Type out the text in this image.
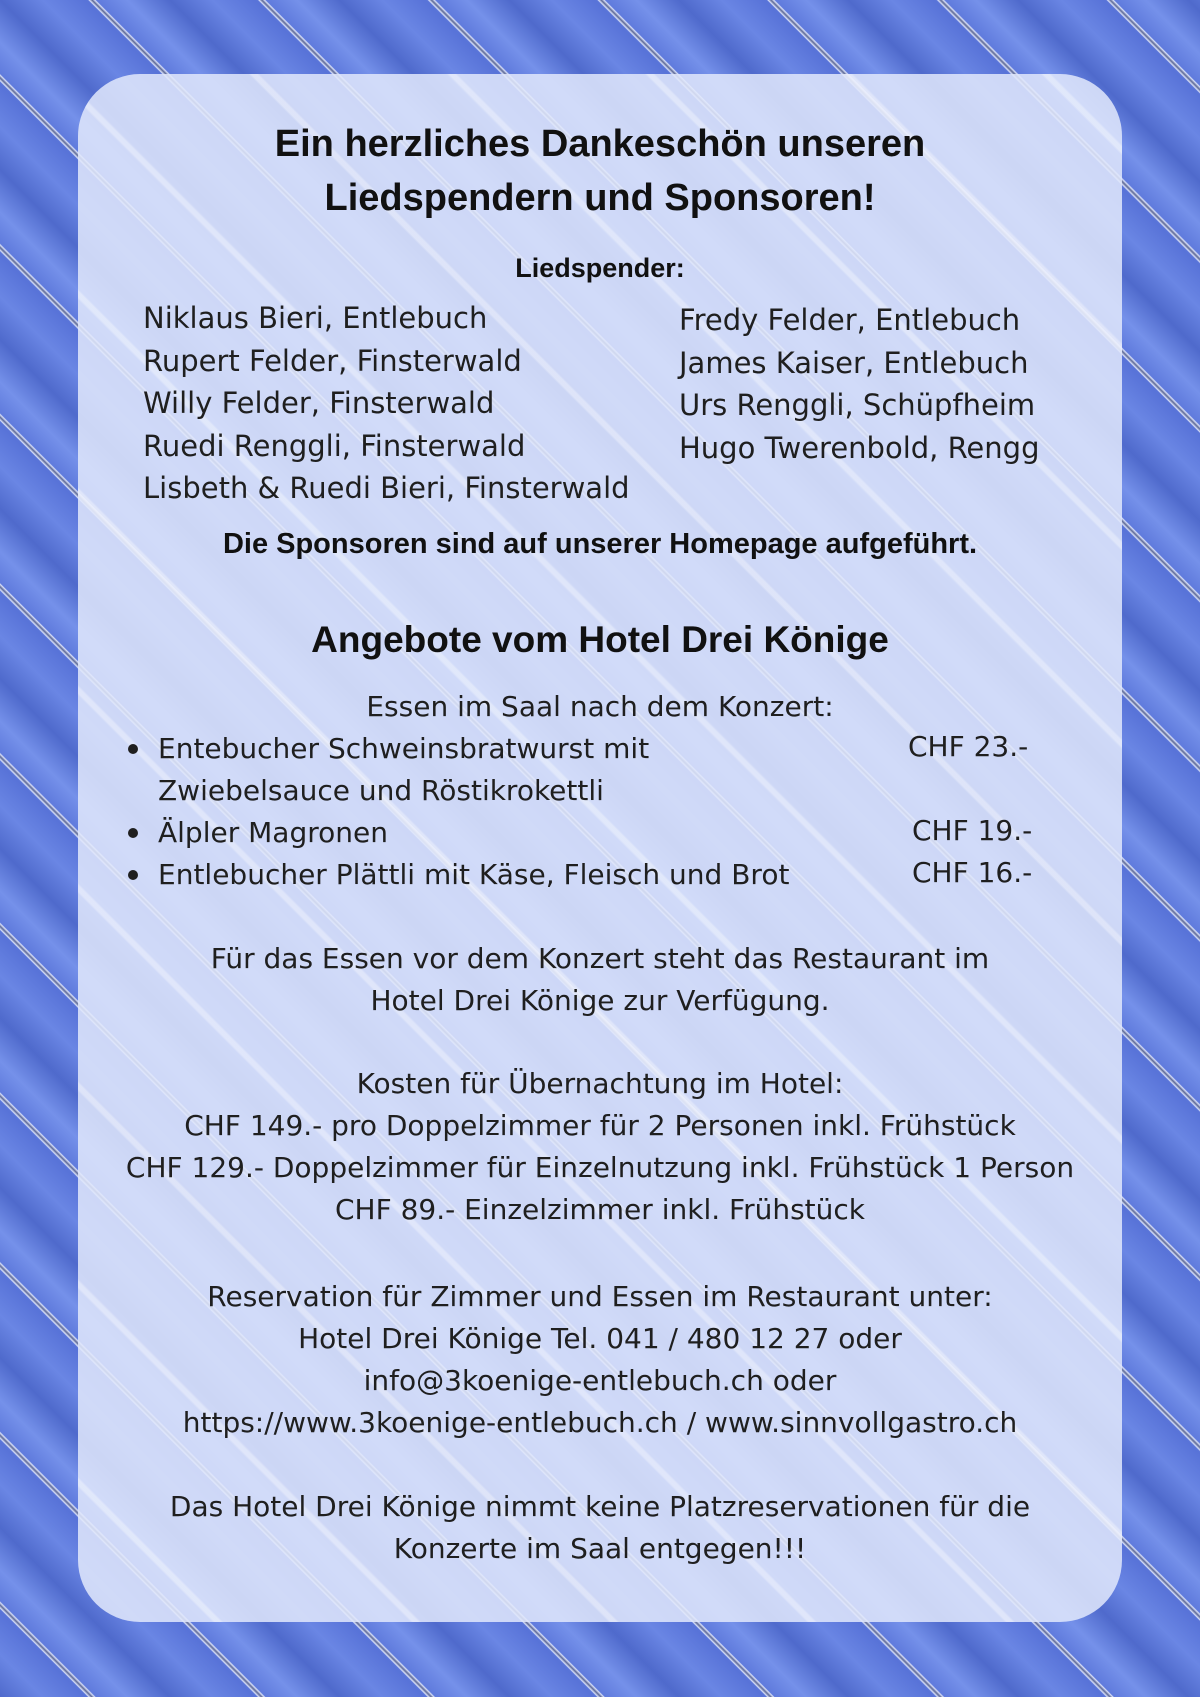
Ein herzliches Dankeschön unseren
Liedspendern und Sponsoren!
Liedspender:
Niklaus Bieri, Entlebuch
Rupert Felder, Finsterwald
Willy Felder, Finsterwald
Ruedi Renggli, Finsterwald
Lisbeth & Ruedi Bieri, Finsterwald
Fredy Felder, Entlebuch
James Kaiser, Entlebuch
Urs Renggli, Schüpfheim
Hugo Twerenbold, Rengg
Die Sponsoren sind auf unserer Homepage aufgeführt.
Angebote vom Hotel Drei Könige
Essen im Saal nach dem Konzert:
Entebucher Schweinsbratwurst mit
Zwiebelsauce und Röstikrokettli
CHF 23.-
Älpler Magronen	CHF 19.-
Entlebucher Plättli mit Käse, Fleisch und Brot	CHF 16.-
Für das Essen vor dem Konzert steht das Restaurant im
Hotel Drei Könige zur Verfügung.
Kosten für Übernachtung im Hotel:
CHF 149.- pro Doppelzimmer für 2 Personen inkl. Frühstück
CHF 129.- Doppelzimmer für Einzelnutzung inkl. Frühstück 1 Person
CHF 89.- Einzelzimmer inkl. Frühstück
Reservation für Zimmer und Essen im Restaurant unter:
Hotel Drei Könige Tel. 041 / 480 12 27 oder
info@3koenige-entlebuch.ch oder
https://www.3koenige-entlebuch.ch / www.sinnvollgastro.ch
Das Hotel Drei Könige nimmt keine Platzreservationen für die
Konzerte im Saal entgegen!!!
